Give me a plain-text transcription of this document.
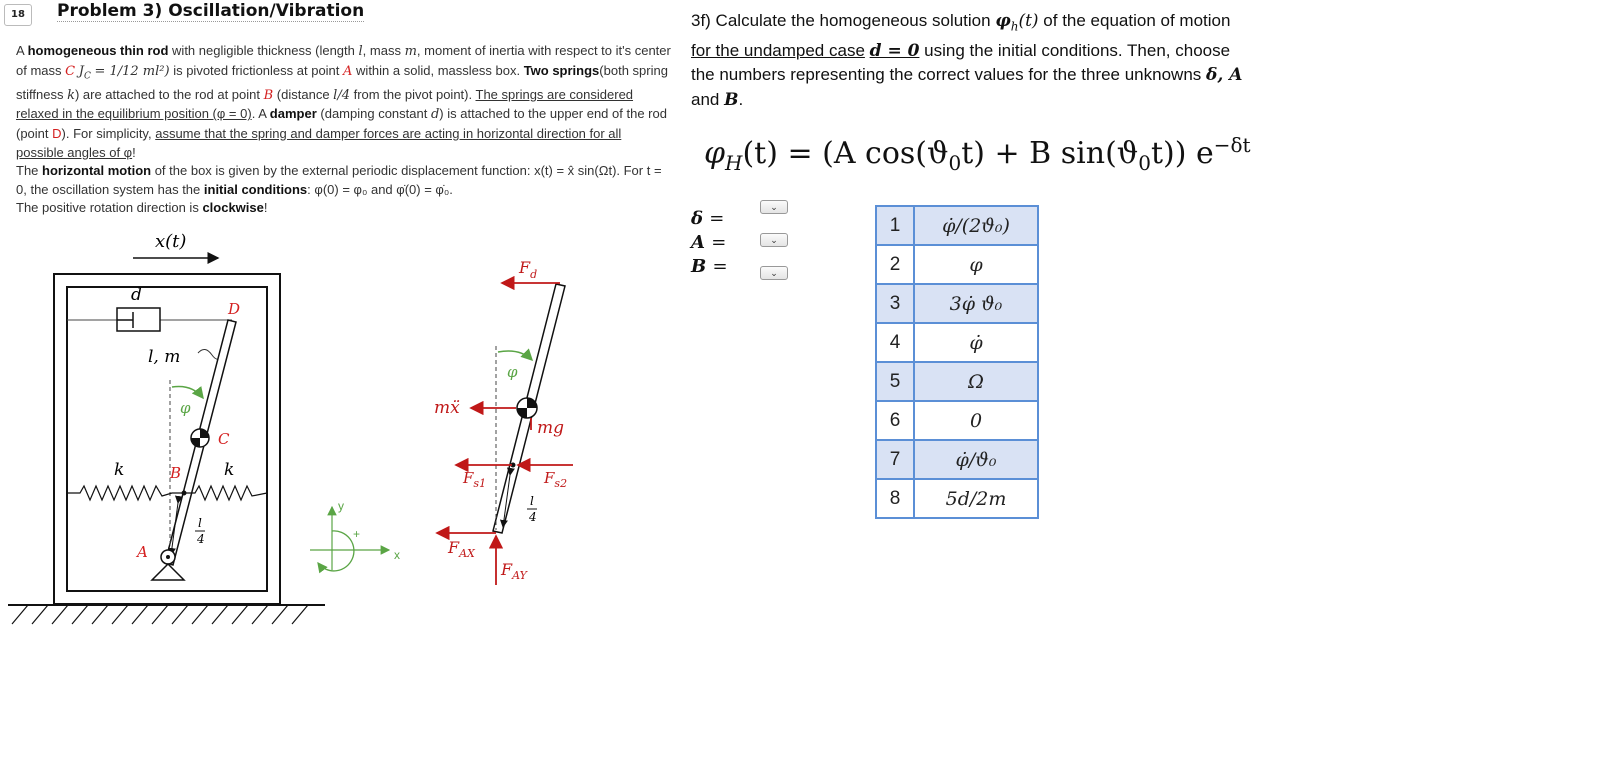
18	Problem 3) Oscillation/Vibration
A homogeneous thin rod with negligible thickness (length l, mass m, moment of inertia with respect to it's center of mass C $J_C = 1/12$ ml²) is pivoted frictionless at point A within a solid, massless box. Two springs(both spring stiffness k) are attached to the rod at point B (distance l/4 from the pivot point). The springs are considered relaxed in the equilibrium position (φ = 0). A damper (damping constant d) is attached to the upper end of the rod (point D). For simplicity, assume that the spring and damper forces are acting in horizontal direction for all possible angles of φ!
The horizontal motion of the box is given by the external periodic displacement function: x(t) = x̂ sin(Ωt). For t = 0, the oscillation system has the initial conditions: φ(0) = φ₀ and φ̇(0) = φ̇₀.
The positive rotation direction is clockwise!
x(t)
d
D
l, m
φ
C
k	k
B
l
4
A
y
x
+
φ
$F_d$
mẍ
mg
$F_{s1}$	$F_{s2}$
l
4
$F_{AX}$
$F_{AY}$
3f) Calculate the homogeneous solution $\varphi_h(t)$ of the equation of motion for the undamped case d = 0 using the initial conditions. Then, choose the numbers representing the correct values for the three unknowns δ, A and B.
$\varphi_H(t) = (A$ $\cos(ϑ_0t) + B$ $\sin(ϑ_0t)$) $e^{-\delta t}$
δ =
A =
B =
⌄
⌄
⌄
1	φ̇/(2ϑ₀)
2	φ
3	3φ̇ ϑ₀
4	φ̇
5	Ω
6	0
7	φ̇/ϑ₀
8	5d/2m
